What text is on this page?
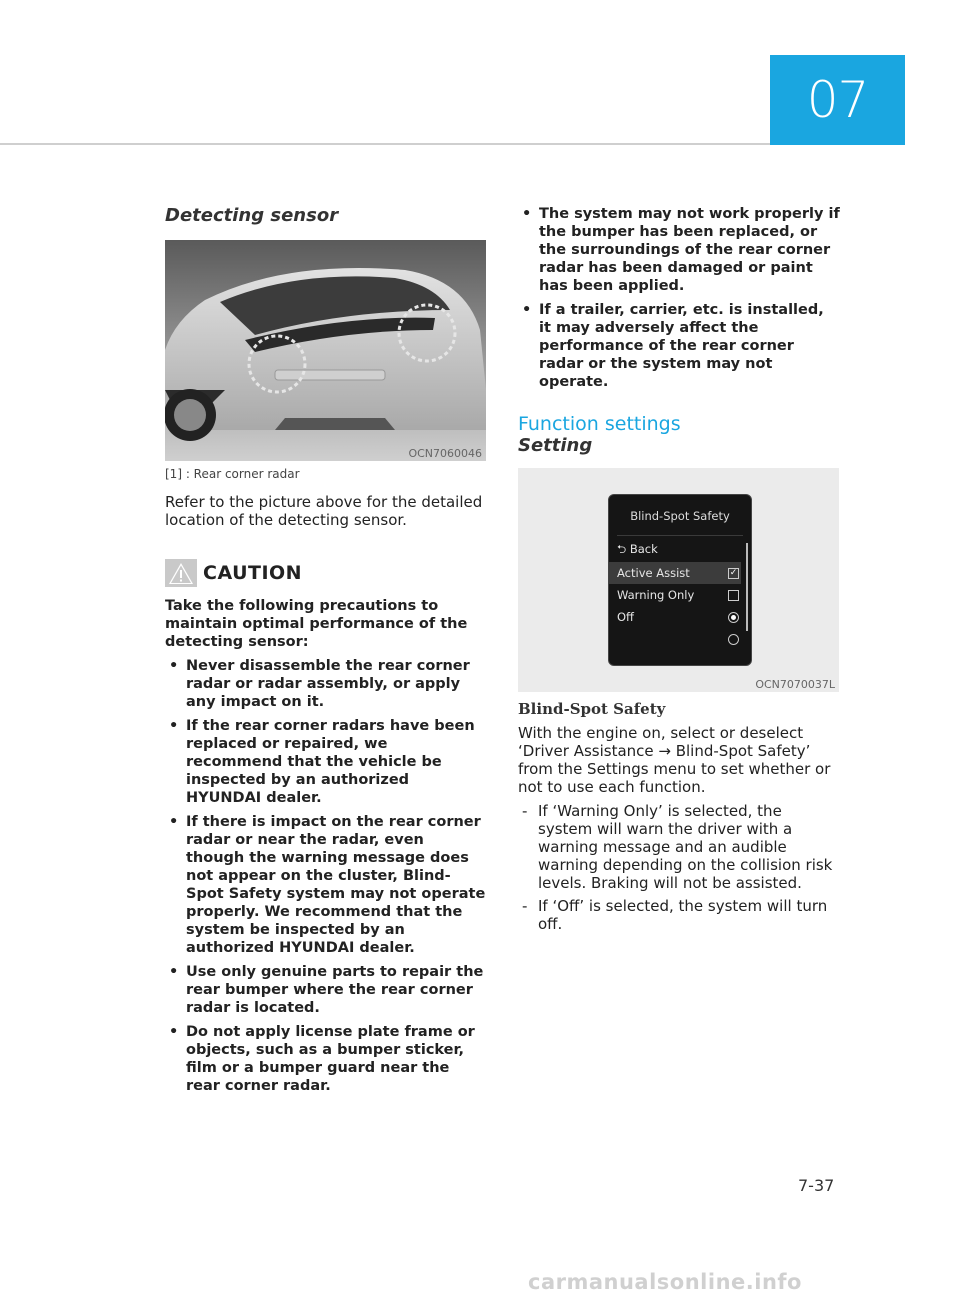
07
Detecting sensor
OCN7060046
[1] : Rear corner radar

Refer to the picture above for the detailed location of the detecting sensor.

CAUTION

Take the following precautions to maintain optimal performance of the detecting sensor:

• Never disassemble the rear corner radar or radar assembly, or apply any impact on it.
• If the rear corner radars have been replaced or repaired, we recommend that the vehicle be inspected by an authorized HYUNDAI dealer.
• If there is impact on the rear corner radar or near the radar, even though the warning message does not appear on the cluster, Blind-Spot Safety system may not operate properly. We recommend that the system be inspected by an authorized HYUNDAI dealer.
• Use only genuine parts to repair the rear bumper where the rear corner radar is located.
• Do not apply license plate frame or objects, such as a bumper sticker, film or a bumper guard near the rear corner radar.
• The system may not work properly if the bumper has been replaced, or the surroundings of the rear corner radar has been damaged or paint has been applied.
• If a trailer, carrier, etc. is installed, it may adversely affect the performance of the rear corner radar or the system may not operate.
Function settings
Setting
Blind-Spot Safety
⮌ Back
Active Assist	✓
Warning Only
Off
OCN7070037L
Blind-Spot Safety

With the engine on, select or deselect ‘Driver Assistance → Blind-Spot Safety’ from the Settings menu to set whether or not to use each function.

- If ‘Warning Only’ is selected, the system will warn the driver with a warning message and an audible warning depending on the collision risk levels. Braking will not be assisted.
- If ‘Off’ is selected, the system will turn off.
7-37
carmanualsonline.info
